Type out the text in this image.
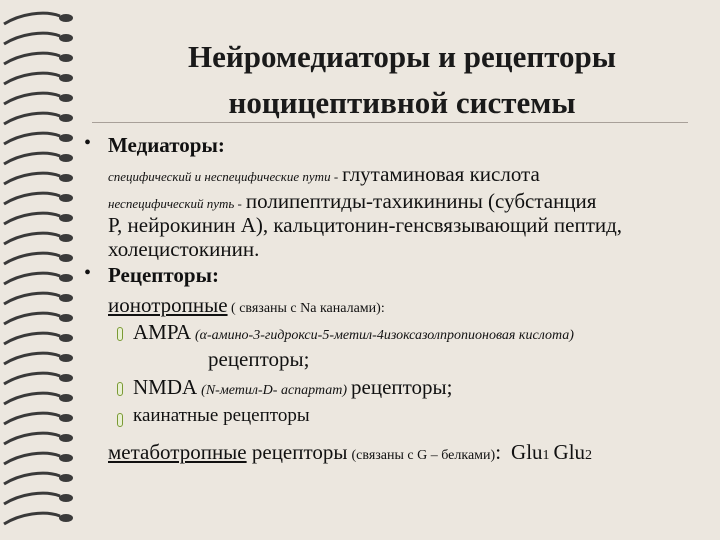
Нейромедиаторы и рецепторы
ноцицептивной системы
• Медиаторы:
специфический и неспецифические пути - глутаминовая кислота
неспецифический путь - полипептиды-тахикинины (субстанция
Р, нейрокинин А), кальцитонин-генсвязывающий пептид,
холецистокинин.
• Рецепторы:
ионотропные ( связаны с Na каналами):
АМРА (α-амино-3-гидрокси-5-метил-4изоксазолпропионовая кислота)
рецепторы;
NMDA (N-метил-D- аспартат) рецепторы;
каинатные рецепторы
метаботропные рецепторы (связаны с G – белками): Glu1 Glu2
